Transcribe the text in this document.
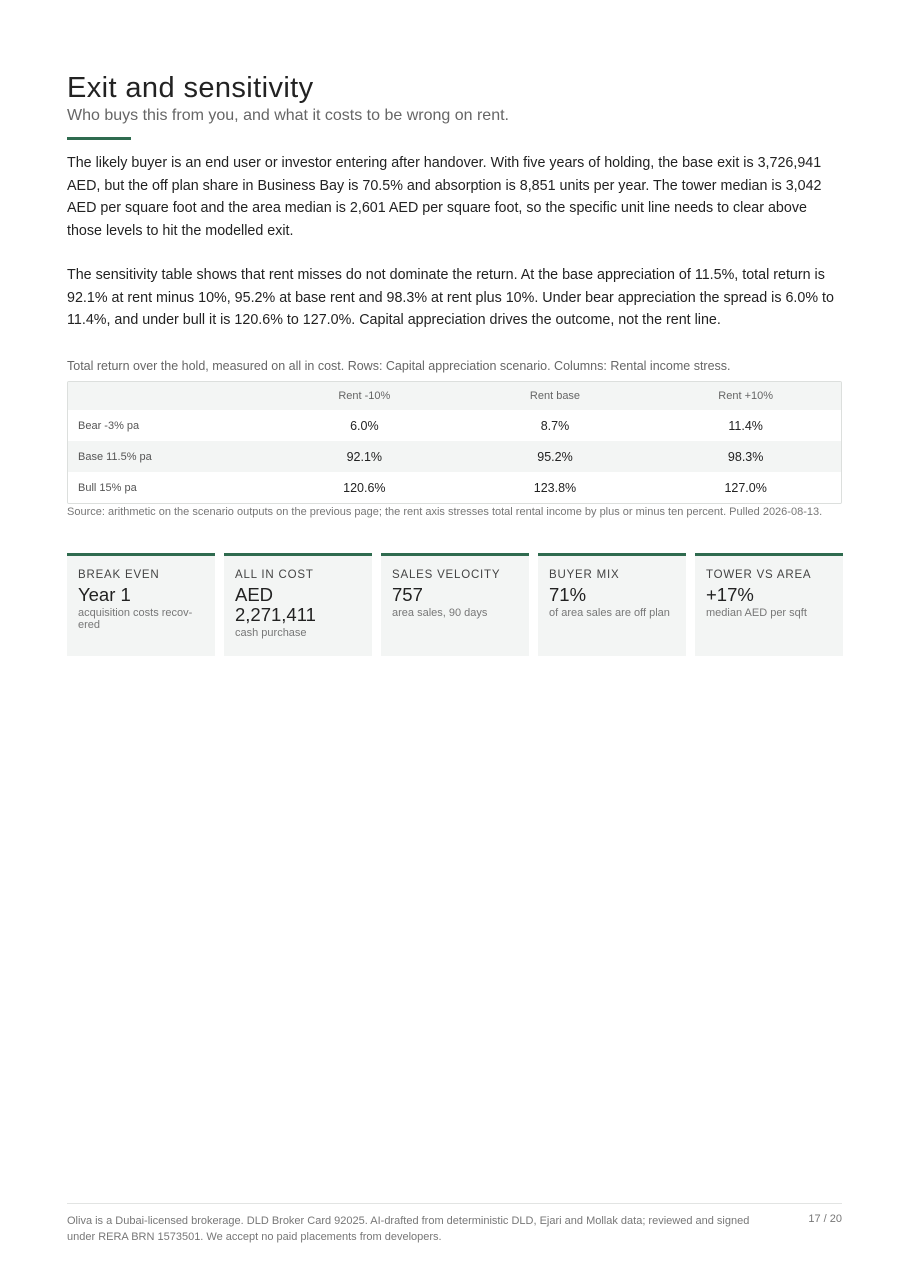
Exit and sensitivity
Who buys this from you, and what it costs to be wrong on rent.

The likely buyer is an end user or investor entering after handover. With five years of holding, the base exit is 3,726,941 AED, but the off plan share in Business Bay is 70.5% and absorption is 8,851 units per year. The tower median is 3,042 AED per square foot and the area median is 2,601 AED per square foot, so the specific unit line needs to clear above those levels to hit the modelled exit.

The sensitivity table shows that rent misses do not dominate the return. At the base appreciation of 11.5%, total return is 92.1% at rent minus 10%, 95.2% at base rent and 98.3% at rent plus 10%. Under bear appreciation the spread is 6.0% to 11.4%, and under bull it is 120.6% to 127.0%. Capital appreciation drives the outcome, not the rent line.

Total return over the hold, measured on all in cost. Rows: Capital appreciation scenario. Columns: Rental income stress.
	Rent -10%	Rent base	Rent +10%
Bear -3% pa	6.0%	8.7%	11.4%
Base 11.5% pa	92.1%	95.2%	98.3%
Bull 15% pa	120.6%	123.8%	127.0%
Source: arithmetic on the scenario outputs on the previous page; the rent axis stresses total rental income by plus or minus ten percent. Pulled 2026-08-13.
BREAK EVEN
Year 1
acquisition costs recov-
ered
ALL IN COST
AED
2,271,411
cash purchase
SALES VELOCITY
757
area sales, 90 days
BUYER MIX
71%
of area sales are off plan
TOWER VS AREA
+17%
median AED per sqft
Oliva is a Dubai-licensed brokerage. DLD Broker Card 92025. AI-drafted from deterministic DLD, Ejari and Mollak data; reviewed and signed under RERA BRN 1573501. We accept no paid placements from developers.
17 / 20
